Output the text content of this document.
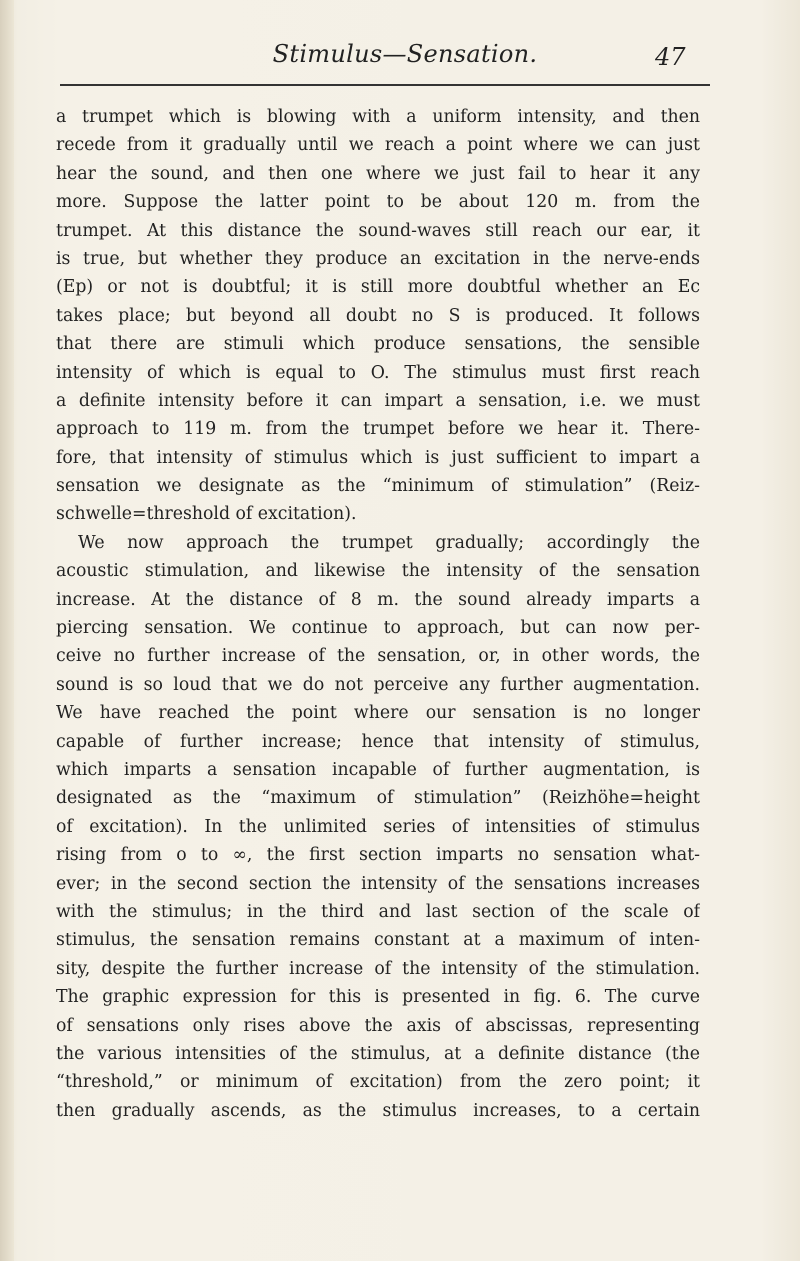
Stimulus—Sensation.	47
a trumpet which is blowing with a uniform intensity, and then
recede from it gradually until we reach a point where we can just
hear the sound, and then one where we just fail to hear it any
more. Suppose the latter point to be about 120 m. from the
trumpet. At this distance the sound-waves still reach our ear, it
is true, but whether they produce an excitation in the nerve-ends
(Ep) or not is doubtful; it is still more doubtful whether an Ec
takes place; but beyond all doubt no S is produced. It follows
that there are stimuli which produce sensations, the sensible
intensity of which is equal to O. The stimulus must first reach
a definite intensity before it can impart a sensation, i.e. we must
approach to 119 m. from the trumpet before we hear it. There-
fore, that intensity of stimulus which is just sufficient to impart a
sensation we designate as the “minimum of stimulation” (Reiz-
schwelle=threshold of excitation).
We now approach the trumpet gradually; accordingly the
acoustic stimulation, and likewise the intensity of the sensation
increase. At the distance of 8 m. the sound already imparts a
piercing sensation. We continue to approach, but can now per-
ceive no further increase of the sensation, or, in other words, the
sound is so loud that we do not perceive any further augmentation.
We have reached the point where our sensation is no longer
capable of further increase; hence that intensity of stimulus,
which imparts a sensation incapable of further augmentation, is
designated as the “maximum of stimulation” (Reizhöhe=height
of excitation). In the unlimited series of intensities of stimulus
rising from o to ∞, the first section imparts no sensation what-
ever; in the second section the intensity of the sensations increases
with the stimulus; in the third and last section of the scale of
stimulus, the sensation remains constant at a maximum of inten-
sity, despite the further increase of the intensity of the stimulation.
The graphic expression for this is presented in fig. 6. The curve
of sensations only rises above the axis of abscissas, representing
the various intensities of the stimulus, at a definite distance (the
“threshold,” or minimum of excitation) from the zero point; it
then gradually ascends, as the stimulus increases, to a certain
